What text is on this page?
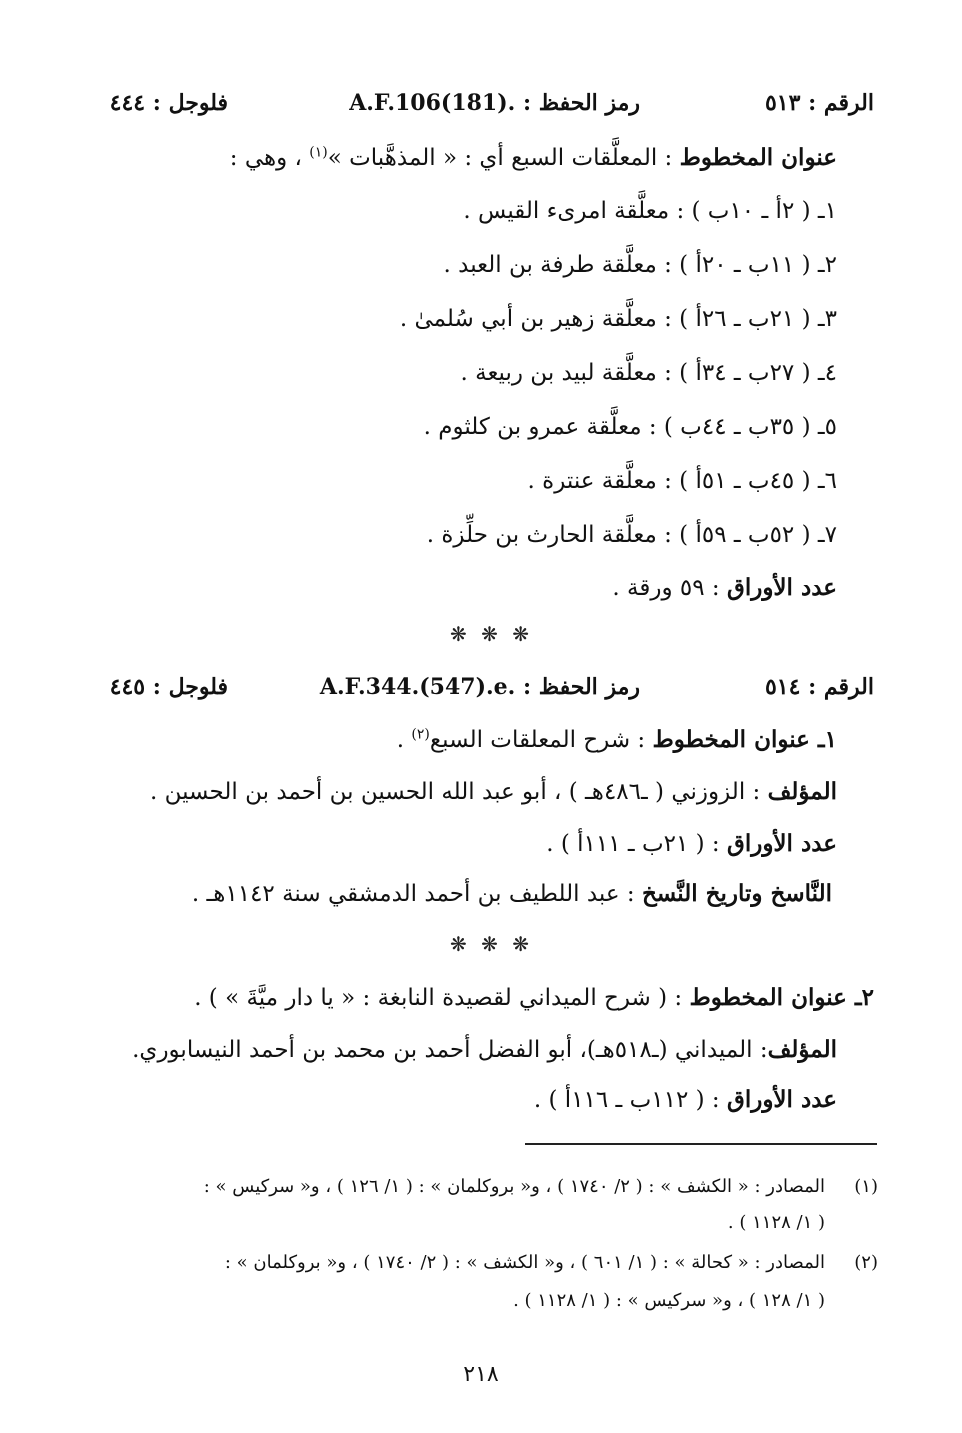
الرقم : ٥١٣
رمز الحفظ : A.F.106(181).
فلوجل : ٤٤٤
عنوان المخطوط : المعلَّقات السبع أي : « المذهَّبات »$^{(١)}$ ، وهي :
١ـ ( ٢أ ـ ١٠ب ) : معلَّقة امرىء القيس .
٢ـ ( ١١ب ـ ٢٠أ ) : معلَّقة طرفة بن العبد .
٣ـ ( ٢١ب ـ ٢٦أ ) : معلَّقة زهير بن أبي سُلمىٰ .
٤ـ ( ٢٧ب ـ ٣٤أ ) : معلَّقة لبيد بن ربيعة .
٥ـ ( ٣٥ب ـ ٤٤ب ) : معلَّقة عمرو بن كلثوم .
٦ـ ( ٤٥ب ـ ٥١أ ) : معلَّقة عنترة .
٧ـ ( ٥٢ب ـ ٥٩أ ) : معلَّقة الحارث بن حلِّزة .
عدد الأوراق : ٥٩ ورقة .
❋ ❋ ❋
الرقم : ٥١٤
رمز الحفظ : A.F.344.(547).e.
فلوجل : ٤٤٥
١ـ عنوان المخطوط : شرح المعلقات السبع$^{(٢)}$ .
المؤلف : الزوزني ( ـ٤٨٦هـ ) ، أبو عبد الله الحسين بن أحمد بن الحسين .
عدد الأوراق : ( ٢١ب ـ ١١١أ ) .
النَّاسخ وتاريخ النَّسخ : عبد اللطيف بن أحمد الدمشقي سنة ١١٤٢هـ .
❋ ❋ ❋
٢ـ عنوان المخطوط : ( شرح الميداني لقصيدة النابغة : « يا دار ميَّةَ » ) .
المؤلف: الميداني (ـ٥١٨هـ)، أبو الفضل أحمد بن محمد بن أحمد النيسابوري.
عدد الأوراق : ( ١١٢ب ـ ١١٦أ ) .
(١)
المصادر : « الكشف » : ( ٢/ ١٧٤٠ ) ، و« بروكلمان » : ( ١/ ١٢٦ ) ، و« سركيس » :
( ١/ ١١٢٨ ) .
(٢)
المصادر : « كحالة » : ( ١/ ٦٠١ ) ، و« الكشف » : ( ٢/ ١٧٤٠ ) ، و« بروكلمان » :
( ١/ ١٢٨ ) ، و« سركيس » : ( ١/ ١١٢٨ ) .
٢١٨
